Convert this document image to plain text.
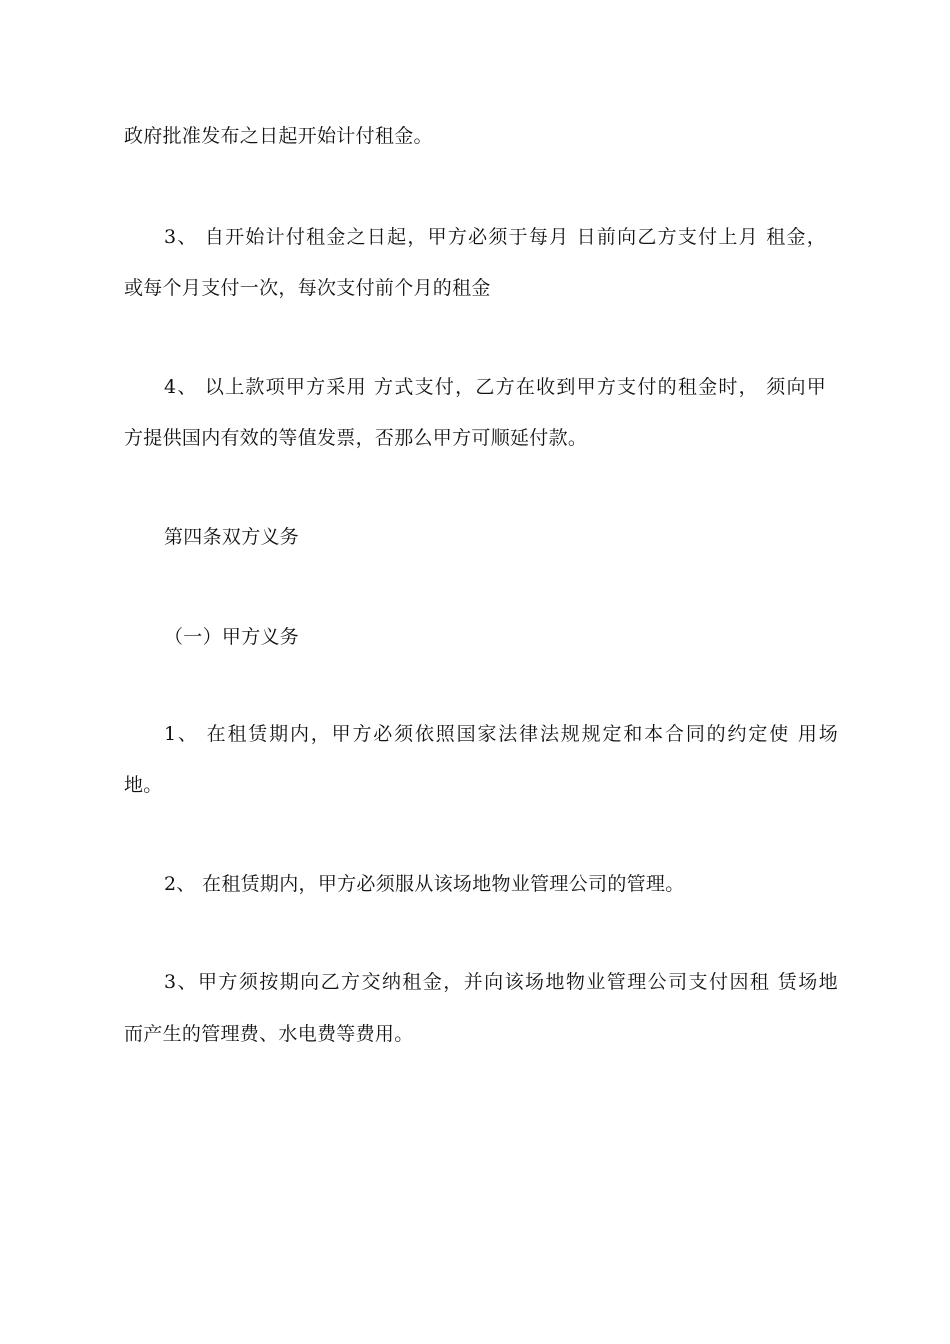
政府批准发布之日起开始计付租金。
3、 自开始计付租金之日起，甲方必须于每月 日前向乙方支付上月 租金，
或每个月支付一次，每次支付前个月的租金
4、 以上款项甲方采用 方式支付，乙方在收到甲方支付的租金时， 须向甲
方提供国内有效的等值发票，否那么甲方可顺延付款。
第四条双方义务
（一）甲方义务
1、 在租赁期内，甲方必须依照国家法律法规规定和本合同的约定使 用场
地。
2、 在租赁期内，甲方必须服从该场地物业管理公司的管理。
3、甲方须按期向乙方交纳租金，并向该场地物业管理公司支付因租 赁场地
而产生的管理费、水电费等费用。
